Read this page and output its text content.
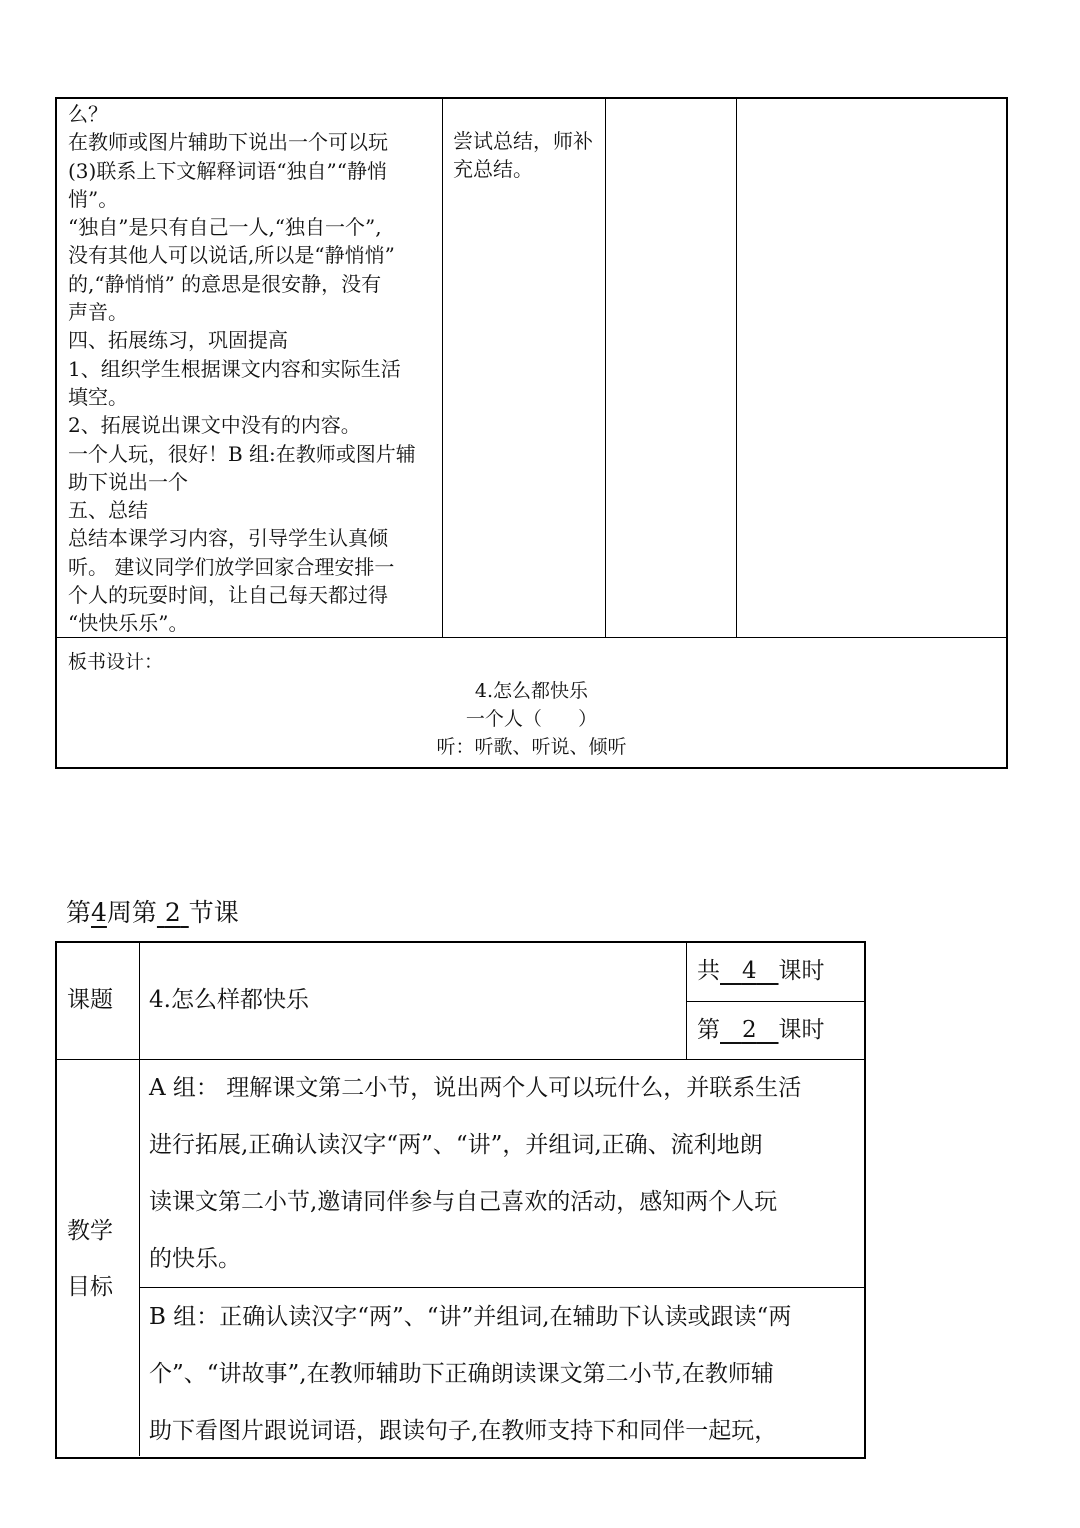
么？
在教师或图片辅助下说出一个可以玩
(3)联系上下文解释词语“独自”“静悄
悄”。
“独自”是只有自己一人,“独自一个”,
没有其他人可以说话,所以是“静悄悄”
的,“静悄悄” 的意思是很安静，没有
声音。
四、拓展练习，巩固提高
1、组织学生根据课文内容和实际生活
填空。
2、拓展说出课文中没有的内容。
一个人玩，很好！B 组:在教师或图片辅
助下说出一个
五、总结
总结本课学习内容，引导学生认真倾
听。 建议同学们放学回家合理安排一
个人的玩耍时间，让自己每天都过得
“快快乐乐”。
尝试总结，师补
充总结。
板书设计：
4.怎么都快乐
一个人（      ）
听：听歌、听说、倾听
第4周第 2 节课
课题 4.怎么样都快乐
共 4 课时
第 2 课时
教学
目标
A 组： 理解课文第二小节，说出两个人可以玩什么，并联系生活
进行拓展,正确认读汉字“两”、“讲”，并组词,正确、流利地朗
读课文第二小节,邀请同伴参与自己喜欢的活动，感知两个人玩
的快乐。
B 组：正确认读汉字“两”、“讲”并组词,在辅助下认读或跟读“两
个”、“讲故事”,在教师辅助下正确朗读课文第二小节,在教师辅
助下看图片跟说词语，跟读句子,在教师支持下和同伴一起玩，
